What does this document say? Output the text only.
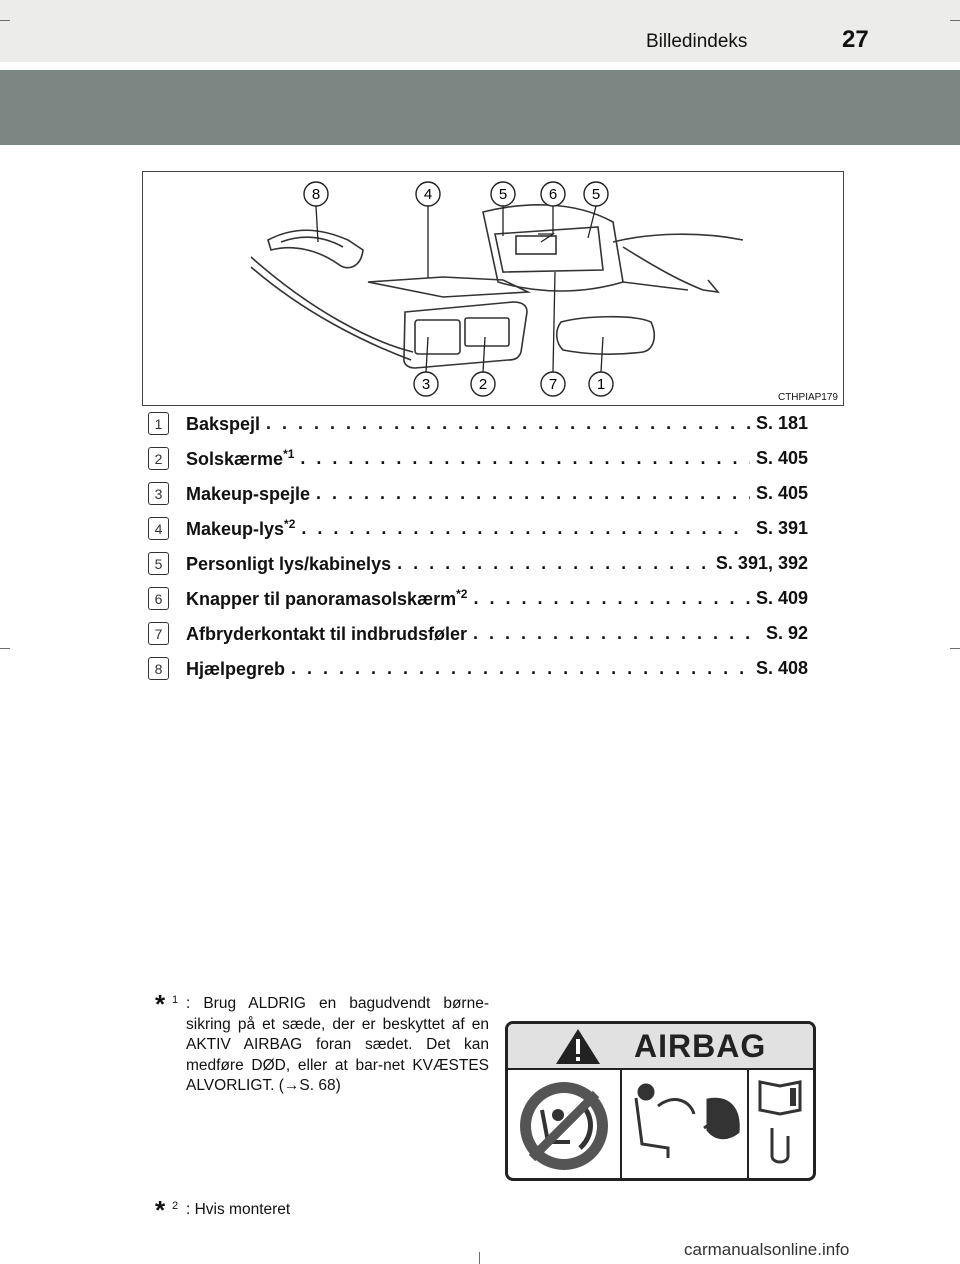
Billedindeks	27
8	4	5	6 5
3	2	7	1
CTHPIAP179
1	Bakspejl . . .	S. 181
2	Solskærme$^{*1}$ . . .	S. 405
3	Makeup-spejle . . .	S. 405
4	Makeup-lys$^{*2}$ . . .	S. 391
5	Personligt lys/kabinelys . . .	S. 391, 392
6	Knapper til panoramasolskærm$^{*2}$ . . .	S. 409
7	Afbryderkontakt til indbrudsføler . . .	S. 92
8	Hjælpegreb . . .	S. 408
* 1 : Brug ALDRIG en bagudvendt børne-sikring på et sæde, der er beskyttet af en AKTIV AIRBAG foran sædet. Det kan medføre DØD, eller at bar-net KVÆSTES ALVORLIGT. (→S. 68)
* 2 : Hvis monteret
AIRBAG
carmanualsonline.info
